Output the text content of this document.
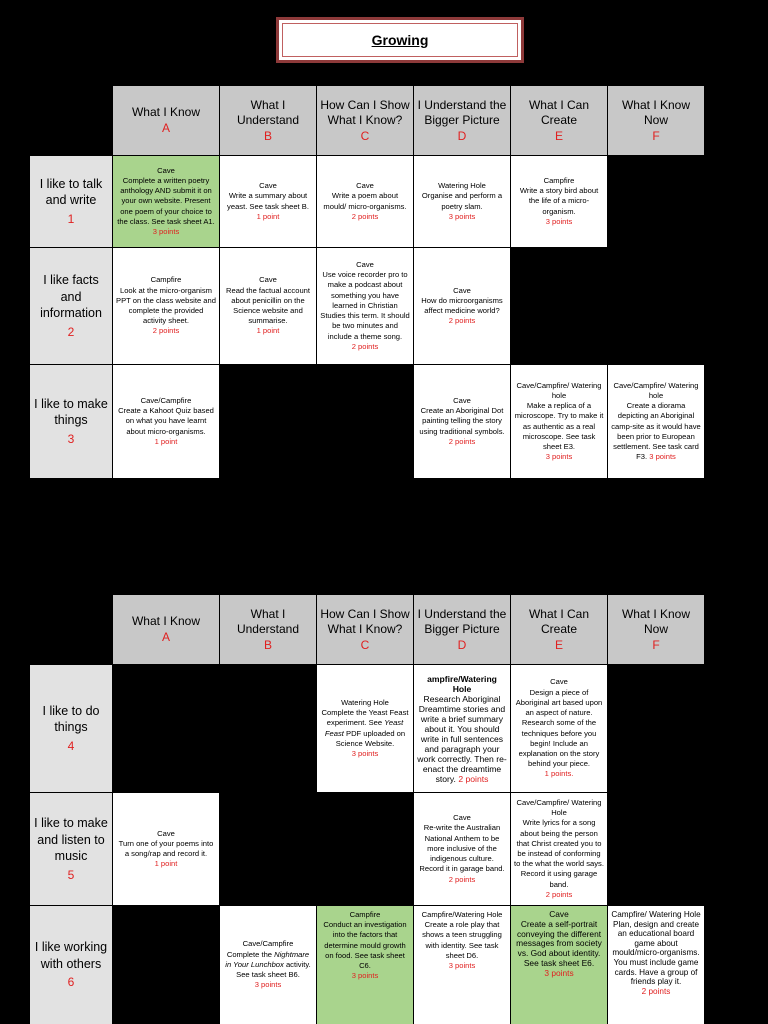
Growing
What I Know
A
What I Understand
B
How Can I Show What I Know?
C
I Understand the Bigger Picture
D
What I Can Create
E
What I Know Now
F
I like to talk and write
1
I like facts and information
2
I like to make things
3
Cave
Complete a written poetry anthology AND submit it on your own website. Present one poem of your choice to the class. See task sheet A1.
3 points
Cave
Write a summary about yeast. See task sheet B.
1 point
Cave
Write a poem about mould/ micro-organisms.
2 points
Watering Hole
Organise and perform a poetry slam.
3 points
Campfire
Write a story bird about the life of a micro-organism.
3 points
Campfire
Look at the micro-organism PPT on the class website and complete the provided activity sheet.
2 points
Cave
Read the factual account about penicillin on the Science website and summarise.
1 point
Cave
Use voice recorder pro to make a podcast about something you have learned in Christian Studies this term. It should be two minutes and include a theme song.
2 points
Cave
How do microorganisms affect medicine world?
2 points
Cave/Campfire
Create a Kahoot Quiz based on what you have learnt about micro-organisms.
1 point
Cave
Create an Aboriginal Dot painting telling the story using traditional symbols.
2 points
Cave/Campfire/ Watering hole
Make a replica of a microscope. Try to make it as authentic as a real microscope. See task sheet E3.
3 points
Cave/Campfire/ Watering hole
Create a diorama depicting an Aboriginal camp-site as it would have been prior to European settlement. See task card F3. 3 points
What I Know
A
What I Understand
B
How Can I Show What I Know?
C
I Understand the Bigger Picture
D
What I Can Create
E
What I Know Now
F
I like to do things
4
I like to make and listen to music
5
I like working with others
6
Watering Hole
Complete the Yeast Feast experiment. See Yeast Feast PDF uploaded on Science Website.
3 points
ampfire/Watering Hole
Research Aboriginal Dreamtime stories and write a brief summary about it. You should write in full sentences and paragraph your work correctly. Then re-enact the dreamtime story. 2 points
Cave
Design a piece of Aboriginal art based upon an aspect of nature. Research some of the techniques before you begin! Include an explanation on the story behind your piece.
1 points.
Cave
Turn one of your poems into a song/rap and record it.
1 point
Cave
Re-write the Australian National Anthem to be more inclusive of the indigenous culture. Record it in garage band.
2 points
Cave/Campfire/ Watering Hole
Write lyrics for a song about being the person that Christ created you to be instead of conforming to the what the world says. Record it using garage band.
2 points
Cave/Campfire
Complete the Nightmare in Your Lunchbox activity. See task sheet B6.
3 points
Campfire
Conduct an investigation into the factors that determine mould growth on food. See task sheet C6.
3 points
Campfire/Watering Hole
Create a role play that shows a teen struggling with identity. See task sheet D6.
3 points
Cave
Create a self-portrait conveying the different messages from society vs. God about identity. See task sheet E6.
3 points
Campfire/ Watering Hole
Plan, design and create an educational board game about mould/micro-organisms. You must include game cards. Have a group of friends play it.
2 points
